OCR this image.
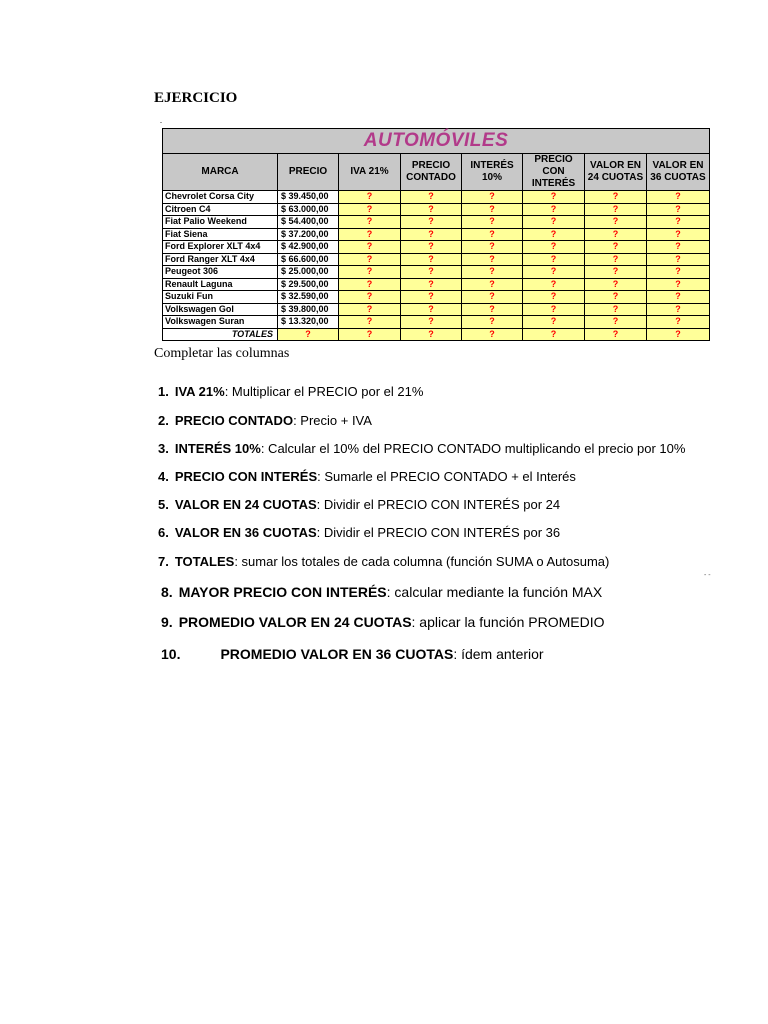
EJERCICIO
.
AUTOMÓVILES							
MARCA	PRECIO	IVA 21%	PRECIO CONTADO	INTERÉS 10%	PRECIO CON INTERÉS	VALOR EN 24 CUOTAS	VALOR EN 36 CUOTAS
Chevrolet Corsa City	$ 39.450,00	?	?	?	?	?	?
Citroen C4	$ 63.000,00	?	?	?	?	?	?
Fiat Palio Weekend	$ 54.400,00	?	?	?	?	?	?
Fiat Siena	$ 37.200,00	?	?	?	?	?	?
Ford Explorer XLT 4x4	$ 42.900,00	?	?	?	?	?	?
Ford Ranger XLT 4x4	$ 66.600,00	?	?	?	?	?	?
Peugeot 306	$ 25.000,00	?	?	?	?	?	?
Renault Laguna	$ 29.500,00	?	?	?	?	?	?
Suzuki Fun	$ 32.590,00	?	?	?	?	?	?
Volkswagen Gol	$ 39.800,00	?	?	?	?	?	?
Volkswagen Suran	$ 13.320,00	?	?	?	?	?	?
TOTALES	?	?	?	?	?	?	?
Completar las columnas
1. IVA 21%: Multiplicar el PRECIO por el 21%
2. PRECIO CONTADO: Precio + IVA
3. INTERÉS 10%: Calcular el 10% del PRECIO CONTADO multiplicando el precio por 10%
4. PRECIO CON INTERÉS: Sumarle el PRECIO CONTADO + el Interés
5. VALOR EN 24 CUOTAS: Dividir el PRECIO CON INTERÉS por 24
6. VALOR EN 36 CUOTAS: Dividir el PRECIO CON INTERÉS por 36
7. TOTALES: sumar los totales de cada columna (función SUMA o Autosuma)
8. MAYOR PRECIO CON INTERÉS: calcular mediante la función MAX
9. PROMEDIO VALOR EN 24 CUOTAS: aplicar la función PROMEDIO
10.	PROMEDIO VALOR EN 36 CUOTAS: ídem anterior
- -
